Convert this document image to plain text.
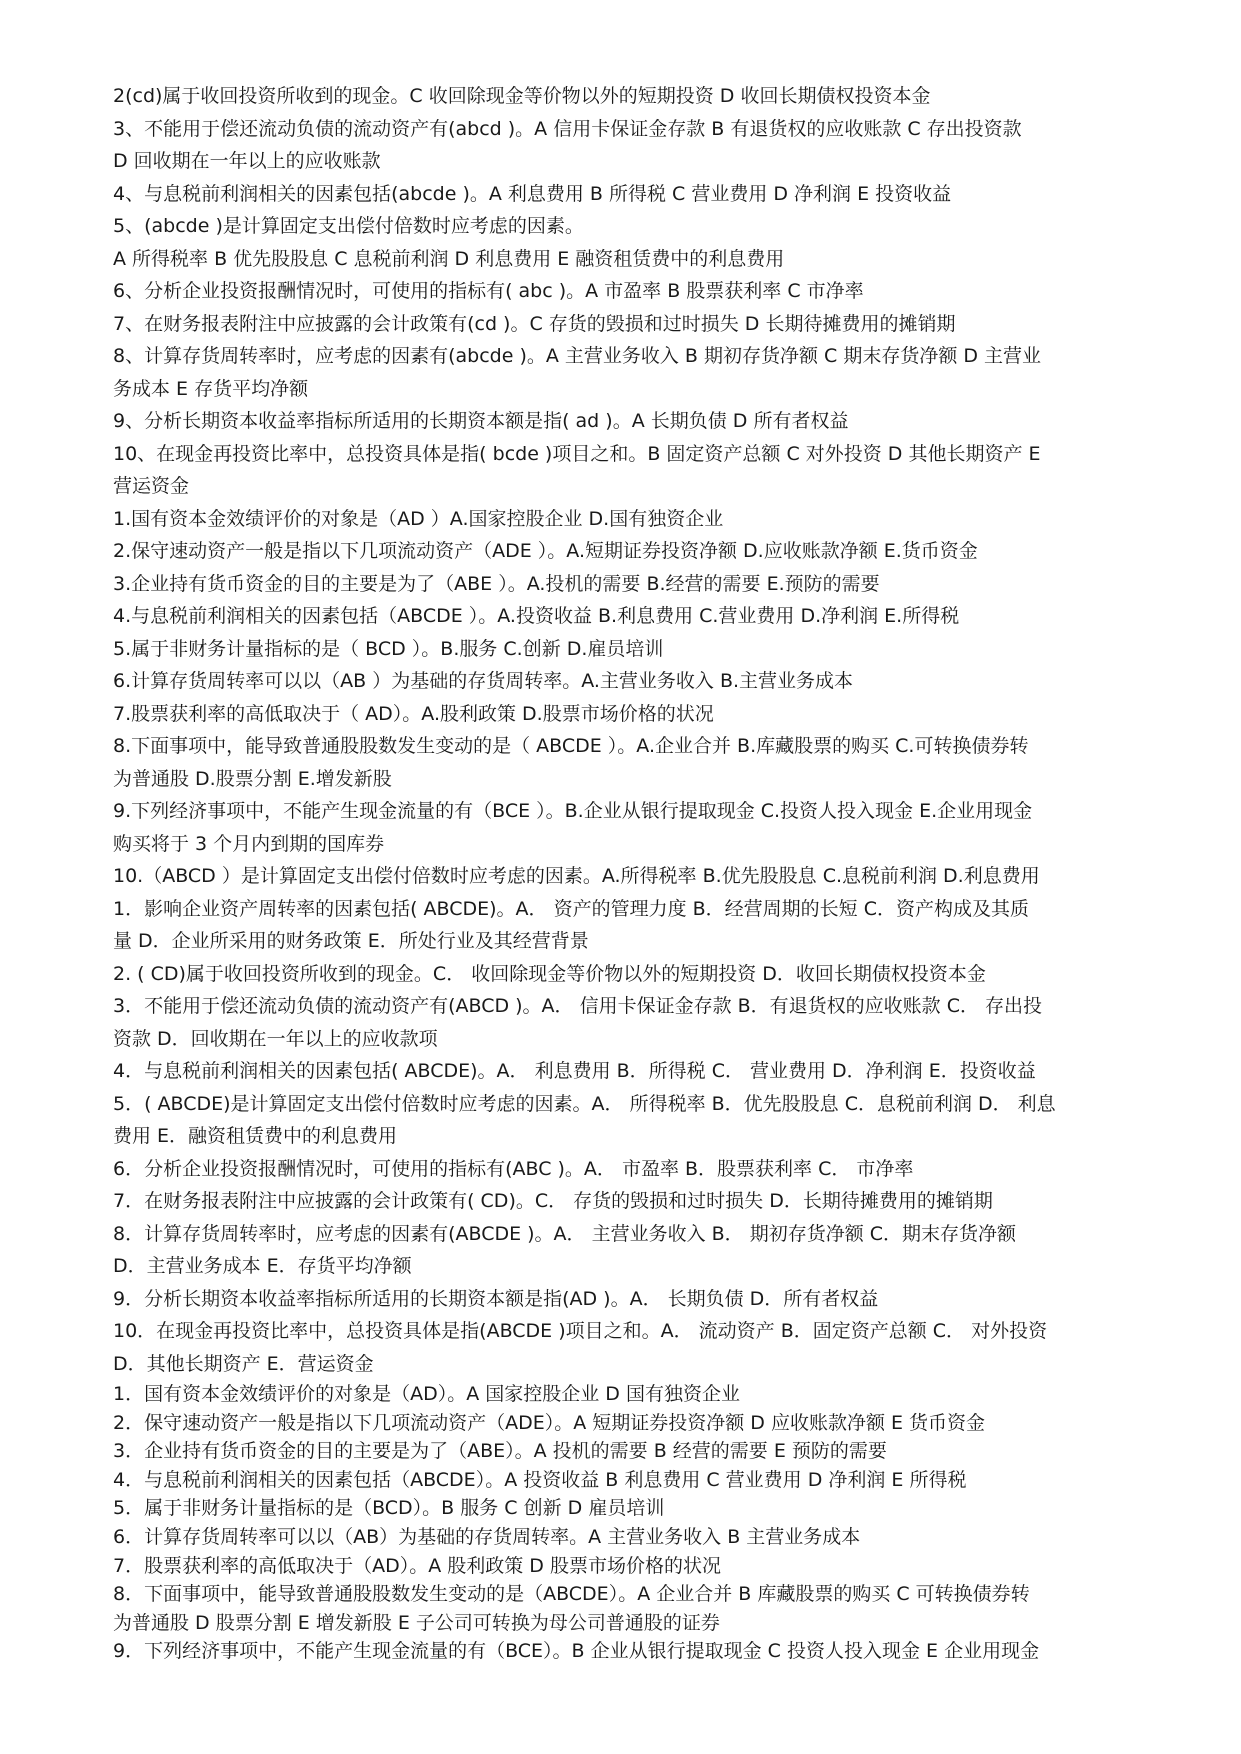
2(cd)属于收回投资所收到的现金。C 收回除现金等价物以外的短期投资 D 收回长期债权投资本金
3、不能用于偿还流动负债的流动资产有(abcd )。A 信用卡保证金存款 B 有退货权的应收账款 C 存出投资款
D 回收期在一年以上的应收账款
4、与息税前利润相关的因素包括(abcde )。A 利息费用 B 所得税 C 营业费用 D 净利润 E 投资收益
5、(abcde )是计算固定支出偿付倍数时应考虑的因素。
A 所得税率 B 优先股股息 C 息税前利润 D 利息费用 E 融资租赁费中的利息费用
6、分析企业投资报酬情况时，可使用的指标有( abc )。A 市盈率 B 股票获利率 C 市净率
7、在财务报表附注中应披露的会计政策有(cd )。C 存货的毁损和过时损失 D 长期待摊费用的摊销期
8、计算存货周转率时，应考虑的因素有(abcde )。A 主营业务收入 B 期初存货净额 C 期末存货净额 D 主营业
务成本 E 存货平均净额
9、分析长期资本收益率指标所适用的长期资本额是指( ad )。A 长期负债 D 所有者权益
10、在现金再投资比率中，总投资具体是指( bcde )项目之和。B 固定资产总额 C 对外投资 D 其他长期资产 E
营运资金
1.国有资本金效绩评价的对象是（AD ）A.国家控股企业 D.国有独资企业
2.保守速动资产一般是指以下几项流动资产（ADE ）。A.短期证券投资净额 D.应收账款净额 E.货币资金
3.企业持有货币资金的目的主要是为了（ABE ）。A.投机的需要 B.经营的需要 E.预防的需要
4.与息税前利润相关的因素包括（ABCDE ）。A.投资收益 B.利息费用 C.营业费用 D.净利润 E.所得税
5.属于非财务计量指标的是（ BCD ）。B.服务 C.创新 D.雇员培训
6.计算存货周转率可以以（AB ）为基础的存货周转率。A.主营业务收入 B.主营业务成本
7.股票获利率的高低取决于（ AD）。A.股利政策 D.股票市场价格的状况
8.下面事项中，能导致普通股股数发生变动的是（ ABCDE ）。A.企业合并 B.库藏股票的购买 C.可转换债券转
为普通股 D.股票分割 E.增发新股
9.下列经济事项中，不能产生现金流量的有（BCE ）。B.企业从银行提取现金 C.投资人投入现金 E.企业用现金
购买将于 3 个月内到期的国库券
10.（ABCD ）是计算固定支出偿付倍数时应考虑的因素。A.所得税率 B.优先股股息 C.息税前利润 D.利息费用
1．影响企业资产周转率的因素包括( ABCDE)。A． 资产的管理力度 B．经营周期的长短 C．资产构成及其质
量 D．企业所采用的财务政策 E．所处行业及其经营背景
2. ( CD)属于收回投资所收到的现金。C． 收回除现金等价物以外的短期投资 D．收回长期债权投资本金
3．不能用于偿还流动负债的流动资产有(ABCD )。A． 信用卡保证金存款 B．有退货权的应收账款 C． 存出投
资款 D．回收期在一年以上的应收款项
4．与息税前利润相关的因素包括( ABCDE)。A． 利息费用 B．所得税 C． 营业费用 D．净利润 E．投资收益
5．( ABCDE)是计算固定支出偿付倍数时应考虑的因素。A． 所得税率 B．优先股股息 C．息税前利润 D． 利息
费用 E．融资租赁费中的利息费用
6．分析企业投资报酬情况时，可使用的指标有(ABC )。A． 市盈率 B．股票获利率 C． 市净率
7．在财务报表附注中应披露的会计政策有( CD)。C． 存货的毁损和过时损失 D．长期待摊费用的摊销期
8．计算存货周转率时，应考虑的因素有(ABCDE )。A． 主营业务收入 B． 期初存货净额 C．期末存货净额
D．主营业务成本 E．存货平均净额
9．分析长期资本收益率指标所适用的长期资本额是指(AD )。A． 长期负债 D．所有者权益
10．在现金再投资比率中，总投资具体是指(ABCDE )项目之和。A． 流动资产 B．固定资产总额 C． 对外投资
D．其他长期资产 E．营运资金
1．国有资本金效绩评价的对象是（AD）。A 国家控股企业 D 国有独资企业
2．保守速动资产一般是指以下几项流动资产（ADE）。A 短期证券投资净额 D 应收账款净额 E 货币资金
3．企业持有货币资金的目的主要是为了（ABE）。A 投机的需要 B 经营的需要 E 预防的需要
4．与息税前利润相关的因素包括（ABCDE）。A 投资收益 B 利息费用 C 营业费用 D 净利润 E 所得税
5．属于非财务计量指标的是（BCD）。B 服务 C 创新 D 雇员培训
6．计算存货周转率可以以（AB）为基础的存货周转率。A 主营业务收入 B 主营业务成本
7．股票获利率的高低取决于（AD）。A 股利政策 D 股票市场价格的状况
8．下面事项中，能导致普通股股数发生变动的是（ABCDE）。A 企业合并 B 库藏股票的购买 C 可转换债券转
为普通股 D 股票分割 E 增发新股 E 子公司可转换为母公司普通股的证券
9．下列经济事项中，不能产生现金流量的有（BCE）。B 企业从银行提取现金 C 投资人投入现金 E 企业用现金
